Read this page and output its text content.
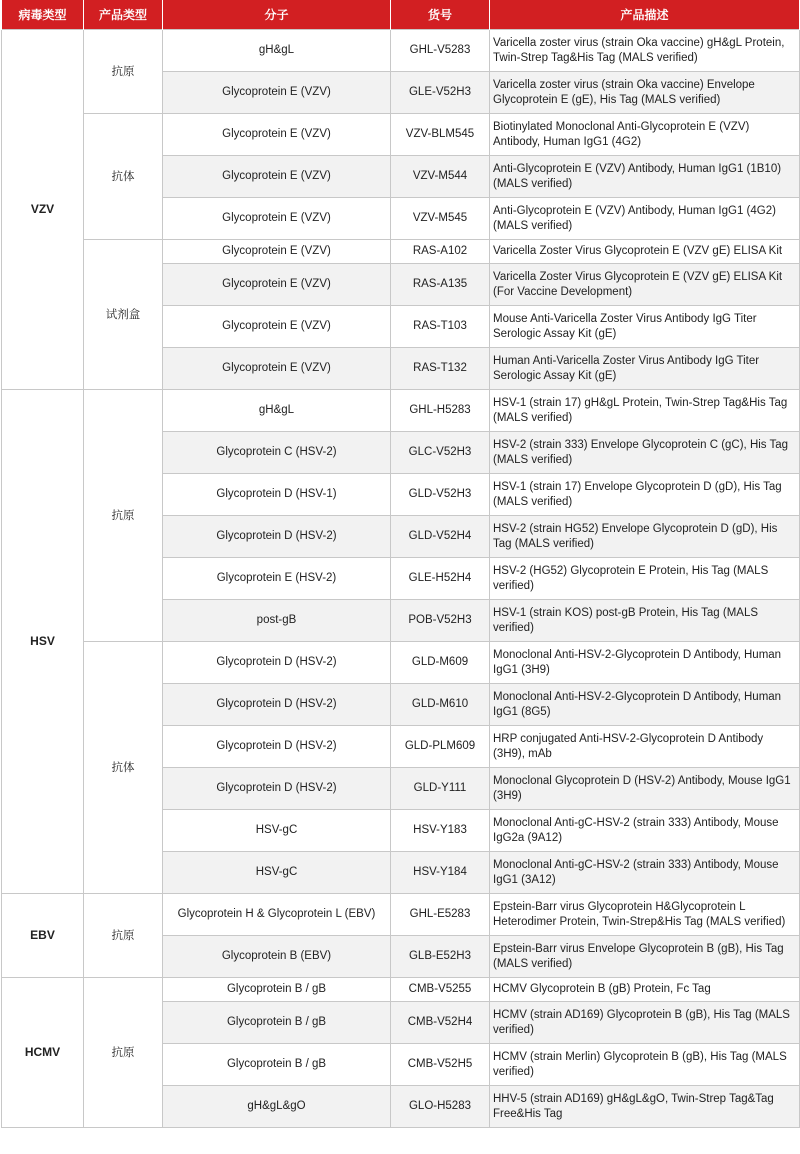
病毒类型	产品类型	分子	货号	产品描述
VZV	抗原	gH&gL	GHL-V5283	Varicella zoster virus (strain Oka vaccine) gH&gL Protein, Twin-Strep Tag&His Tag (MALS verified)
		Glycoprotein E (VZV)	GLE-V52H3	Varicella zoster virus (strain Oka vaccine) Envelope Glycoprotein E (gE), His Tag (MALS verified)
	抗体	Glycoprotein E (VZV)	VZV-BLM545	Biotinylated Monoclonal Anti-Glycoprotein E (VZV) Antibody, Human IgG1 (4G2)
		Glycoprotein E (VZV)	VZV-M544	Anti-Glycoprotein E (VZV) Antibody, Human IgG1 (1B10) (MALS verified)
		Glycoprotein E (VZV)	VZV-M545	Anti-Glycoprotein E (VZV) Antibody, Human IgG1 (4G2) (MALS verified)
	试剂盒	Glycoprotein E (VZV)	RAS-A102	Varicella Zoster Virus Glycoprotein E (VZV gE) ELISA Kit
		Glycoprotein E (VZV)	RAS-A135	Varicella Zoster Virus Glycoprotein E (VZV gE) ELISA Kit (For Vaccine Development)
		Glycoprotein E (VZV)	RAS-T103	Mouse Anti-Varicella Zoster Virus Antibody IgG Titer Serologic Assay Kit (gE)
		Glycoprotein E (VZV)	RAS-T132	Human Anti-Varicella Zoster Virus Antibody IgG Titer Serologic Assay Kit (gE)
HSV	抗原	gH&gL	GHL-H5283	HSV-1 (strain 17) gH&gL Protein, Twin-Strep Tag&His Tag (MALS verified)
		Glycoprotein C (HSV-2)	GLC-V52H3	HSV-2 (strain 333) Envelope Glycoprotein C (gC), His Tag (MALS verified)
		Glycoprotein D (HSV-1)	GLD-V52H3	HSV-1 (strain 17) Envelope Glycoprotein D (gD), His Tag (MALS verified)
		Glycoprotein D (HSV-2)	GLD-V52H4	HSV-2 (strain HG52) Envelope Glycoprotein D (gD), His Tag (MALS verified)
		Glycoprotein E (HSV-2)	GLE-H52H4	HSV-2 (HG52) Glycoprotein E Protein, His Tag (MALS verified)
		post-gB	POB-V52H3	HSV-1 (strain KOS) post-gB Protein, His Tag (MALS verified)
	抗体	Glycoprotein D (HSV-2)	GLD-M609	Monoclonal Anti-HSV-2-Glycoprotein D Antibody, Human IgG1 (3H9)
		Glycoprotein D (HSV-2)	GLD-M610	Monoclonal Anti-HSV-2-Glycoprotein D Antibody, Human IgG1 (8G5)
		Glycoprotein D (HSV-2)	GLD-PLM609	HRP conjugated Anti-HSV-2-Glycoprotein D Antibody (3H9), mAb
		Glycoprotein D (HSV-2)	GLD-Y111	Monoclonal Glycoprotein D (HSV-2) Antibody, Mouse IgG1 (3H9)
		HSV-gC	HSV-Y183	Monoclonal Anti-gC-HSV-2 (strain 333) Antibody, Mouse IgG2a (9A12)
		HSV-gC	HSV-Y184	Monoclonal Anti-gC-HSV-2 (strain 333) Antibody, Mouse IgG1 (3A12)
EBV	抗原	Glycoprotein H & Glycoprotein L (EBV)	GHL-E5283	Epstein-Barr virus Glycoprotein H&Glycoprotein L Heterodimer Protein, Twin-Strep&His Tag (MALS verified)
		Glycoprotein B (EBV)	GLB-E52H3	Epstein-Barr virus Envelope Glycoprotein B (gB), His Tag (MALS verified)
HCMV	抗原	Glycoprotein B / gB	CMB-V5255	HCMV Glycoprotein B (gB) Protein, Fc Tag
		Glycoprotein B / gB	CMB-V52H4	HCMV (strain AD169) Glycoprotein B (gB), His Tag (MALS verified)
		Glycoprotein B / gB	CMB-V52H5	HCMV (strain Merlin) Glycoprotein B (gB), His Tag (MALS verified)
		gH&gL&gO	GLO-H5283	HHV-5 (strain AD169) gH&gL&gO, Twin-Strep Tag&Tag Free&His Tag
